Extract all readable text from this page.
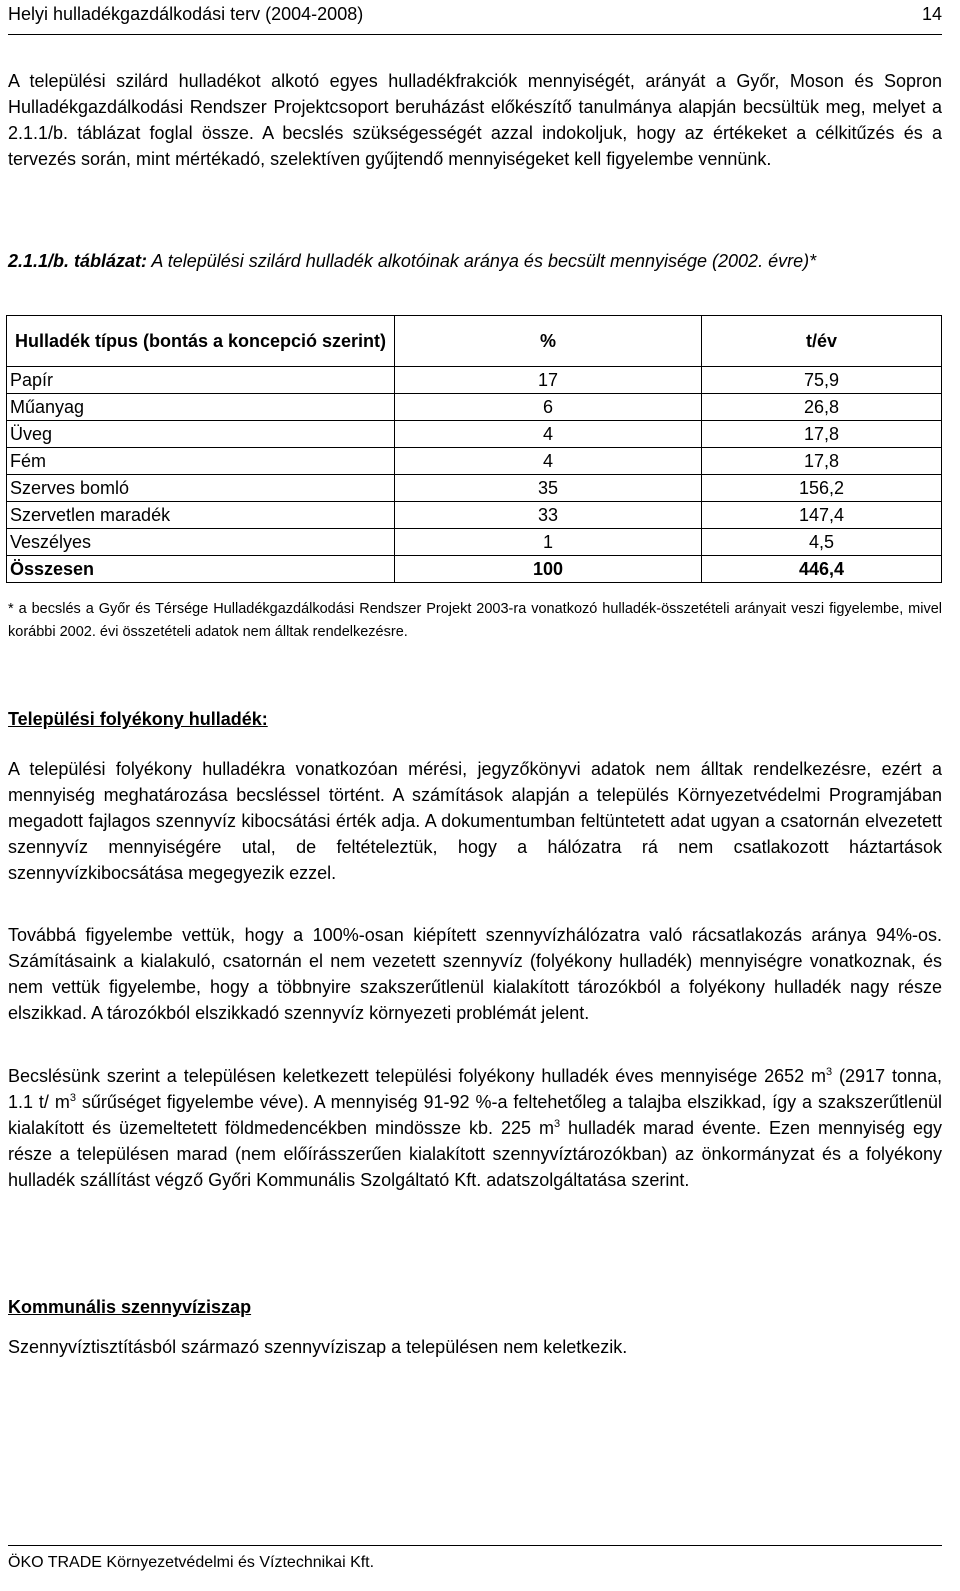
Helyi hulladékgazdálkodási terv (2004-2008)	14

A települési szilárd hulladékot alkotó egyes hulladékfrakciók mennyiségét, arányát a Győr, Moson és Sopron Hulladékgazdálkodási Rendszer Projektcsoport beruházást előkészítő tanulmánya alapján becsültük meg, melyet a 2.1.1/b. táblázat foglal össze. A becslés szükségességét azzal indokoljuk, hogy az értékeket a célkitűzés és a tervezés során, mint mértékadó, szelektíven gyűjtendő mennyiségeket kell figyelembe vennünk.

2.1.1/b. táblázat: A települési szilárd hulladék alkotóinak aránya és becsült mennyisége (2002. évre)*

Hulladék típus (bontás a koncepció szerint)	%	t/év
Papír	17	75,9
Műanyag	6	26,8
Üveg	4	17,8
Fém	4	17,8
Szerves bomló	35	156,2
Szervetlen maradék	33	147,4
Veszélyes	1	4,5
Összesen	100	446,4

* a becslés a Győr és Térsége Hulladékgazdálkodási Rendszer Projekt 2003-ra vonatkozó hulladék-összetételi arányait veszi figyelembe, mivel korábbi 2002. évi összetételi adatok nem álltak rendelkezésre.

Települési folyékony hulladék:

A települési folyékony hulladékra vonatkozóan mérési, jegyzőkönyvi adatok nem álltak rendelkezésre, ezért a mennyiség meghatározása becsléssel történt. A számítások alapján a település Környezetvédelmi Programjában megadott fajlagos szennyvíz kibocsátási érték adja. A dokumentumban feltüntetett adat ugyan a csatornán elvezetett szennyvíz mennyiségére utal, de feltételeztük, hogy a hálózatra rá nem csatlakozott háztartások szennyvízkibocsátása megegyezik ezzel.

Továbbá figyelembe vettük, hogy a 100%-osan kiépített szennyvízhálózatra való rácsatlakozás aránya 94%-os. Számításaink a kialakuló, csatornán el nem vezetett szennyvíz (folyékony hulladék) mennyiségre vonatkoznak, és nem vettük figyelembe, hogy a többnyire szakszerűtlenül kialakított tározókból a folyékony hulladék nagy része elszikkad. A tározókból elszikkadó szennyvíz környezeti problémát jelent.

Becslésünk szerint a településen keletkezett települési folyékony hulladék éves mennyisége 2652 $m^3$ (2917 tonna, 1.1 t/ $m^3$ sűrűséget figyelembe véve). A mennyiség 91-92 %-a feltehetőleg a talajba elszikkad, így a szakszerűtlenül kialakított és üzemeltetett földmedencékben mindössze kb. 225 $m^3$ hulladék marad évente. Ezen mennyiség egy része a településen marad (nem előírásszerűen kialakított szennyvíztározókban) az önkormányzat és a folyékony hulladék szállítást végző Győri Kommunális Szolgáltató Kft. adatszolgáltatása szerint.

Kommunális szennyvíziszap

Szennyvíztisztításból származó szennyvíziszap a településen nem keletkezik.

ÖKO TRADE Környezetvédelmi és Víztechnikai Kft.
